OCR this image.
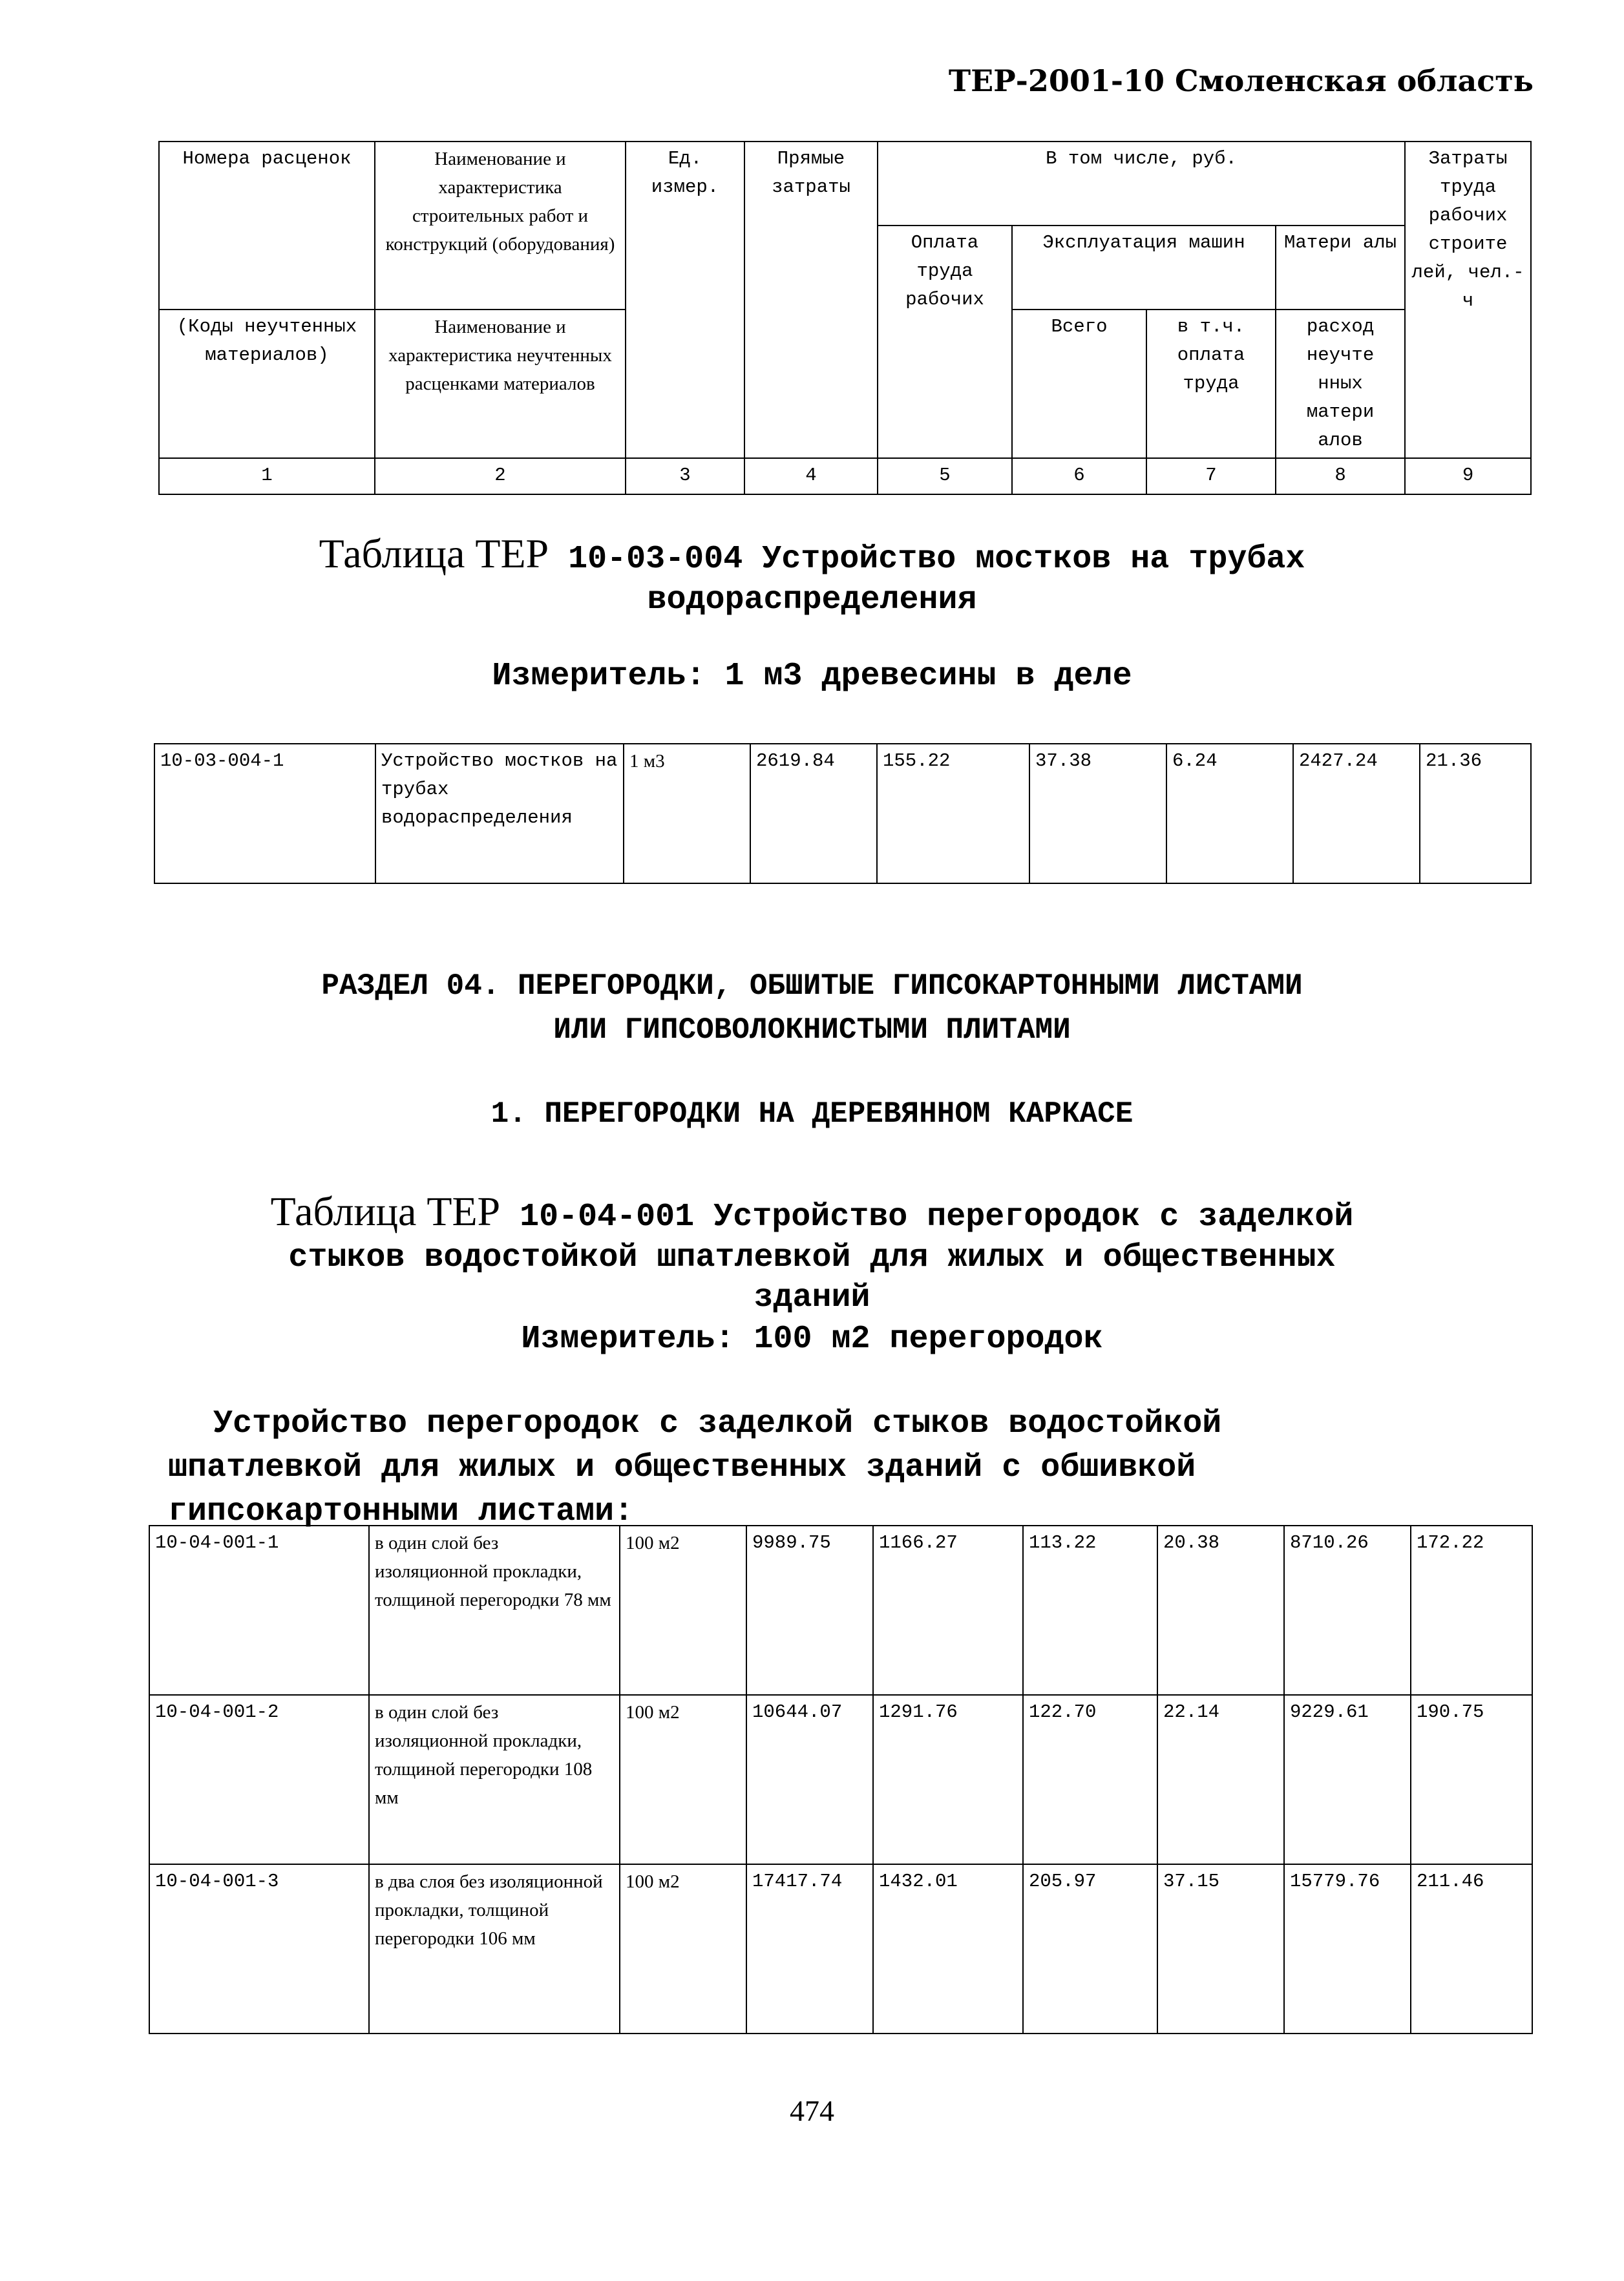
ТЕР-2001-10 Смоленская область
Номера расценок	Наименование и характеристика строительных работ и конструкций (оборудования)	Ед. измер.	Прямые затраты	В том числе, руб.				Затраты труда рабочих строите лей, чел.-ч
				Оплата труда рабочих	Эксплуатация машин		Матери алы	
(Коды неучтенных материалов)	Наименование и характеристика неучтенных расценками материалов				Всего	в т.ч. оплата труда	расход неучте нных матери алов	
1	2	3	4	5	6	7	8	9
Таблица ТЕР 10-03-004 Устройство мостков на трубах
водораспределения
Измеритель: 1 м3 древесины в деле
10-03-004-1	Устройство мостков на трубах водораспределения	1 м3	2619.84	155.22	37.38	6.24	2427.24	21.36
РАЗДЕЛ 04. ПЕРЕГОРОДКИ, ОБШИТЫЕ ГИПСОКАРТОННЫМИ ЛИСТАМИ
ИЛИ ГИПСОВОЛОКНИСТЫМИ ПЛИТАМИ
1. ПЕРЕГОРОДКИ НА ДЕРЕВЯННОМ КАРКАСЕ
Таблица ТЕР 10-04-001 Устройство перегородок с заделкой
стыков водостойкой шпатлевкой для жилых и общественных
зданий
Измеритель: 100 м2 перегородок
Устройство перегородок с заделкой стыков водостойкой
шпатлевкой для жилых и общественных зданий с обшивкой
гипсокартонными листами:
10-04-001-1	в один слой без изоляционной прокладки, толщиной перегородки 78 мм	100 м2	9989.75	1166.27	113.22	20.38	8710.26	172.22
10-04-001-2	в один слой без изоляционной прокладки, толщиной перегородки 108 мм	100 м2	10644.07	1291.76	122.70	22.14	9229.61	190.75
10-04-001-3	в два слоя без изоляционной прокладки, толщиной перегородки 106 мм	100 м2	17417.74	1432.01	205.97	37.15	15779.76	211.46
474
